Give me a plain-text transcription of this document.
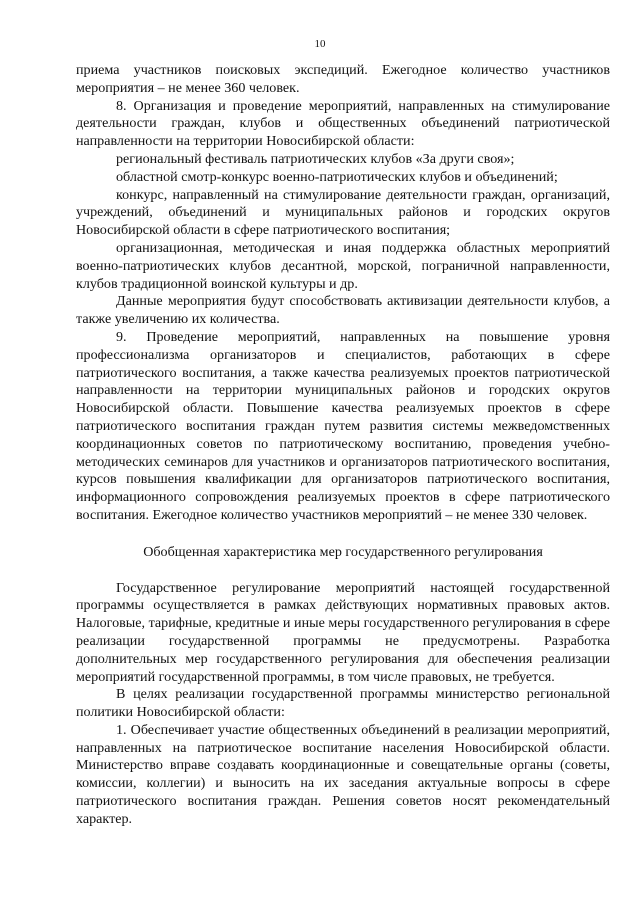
10

приема участников поисковых экспедиций. Ежегодное количество участников мероприятия – не менее 360 человек.

8. Организация и проведение мероприятий, направленных на стимулирование деятельности граждан, клубов и общественных объединений патриотической направленности на территории Новосибирской области:

региональный фестиваль патриотических клубов «За други своя»;

областной смотр-конкурс военно-патриотических клубов и объединений;

конкурс, направленный на стимулирование деятельности граждан, организаций, учреждений, объединений и муниципальных районов и городских округов Новосибирской области в сфере патриотического воспитания;

организационная, методическая и иная поддержка областных мероприятий военно-патриотических клубов десантной, морской, пограничной направленности, клубов традиционной воинской культуры и др.

Данные мероприятия будут способствовать активизации деятельности клубов, а также увеличению их количества.

9. Проведение мероприятий, направленных на повышение уровня профессионализма организаторов и специалистов, работающих в сфере патриотического воспитания, а также качества реализуемых проектов патриотической направленности на территории муниципальных районов и городских округов Новосибирской области. Повышение качества реализуемых проектов в сфере патриотического воспитания граждан путем развития системы межведомственных координационных советов по патриотическому воспитанию, проведения учебно-методических семинаров для участников и организаторов патриотического воспитания, курсов повышения квалификации для организаторов патриотического воспитания, информационного сопровождения реализуемых проектов в сфере патриотического воспитания. Ежегодное количество участников мероприятий – не менее 330 человек.

Обобщенная характеристика мер государственного регулирования

Государственное регулирование мероприятий настоящей государственной программы осуществляется в рамках действующих нормативных правовых актов. Налоговые, тарифные, кредитные и иные меры государственного регулирования в сфере реализации государственной программы не предусмотрены. Разработка дополнительных мер государственного регулирования для обеспечения реализации мероприятий государственной программы, в том числе правовых, не требуется.

В целях реализации государственной программы министерство региональной политики Новосибирской области:

1. Обеспечивает участие общественных объединений в реализации мероприятий, направленных на патриотическое воспитание населения Новосибирской области. Министерство вправе создавать координационные и совещательные органы (советы, комиссии, коллегии) и выносить на их заседания актуальные вопросы в сфере патриотического воспитания граждан. Решения советов носят рекомендательный характер.
